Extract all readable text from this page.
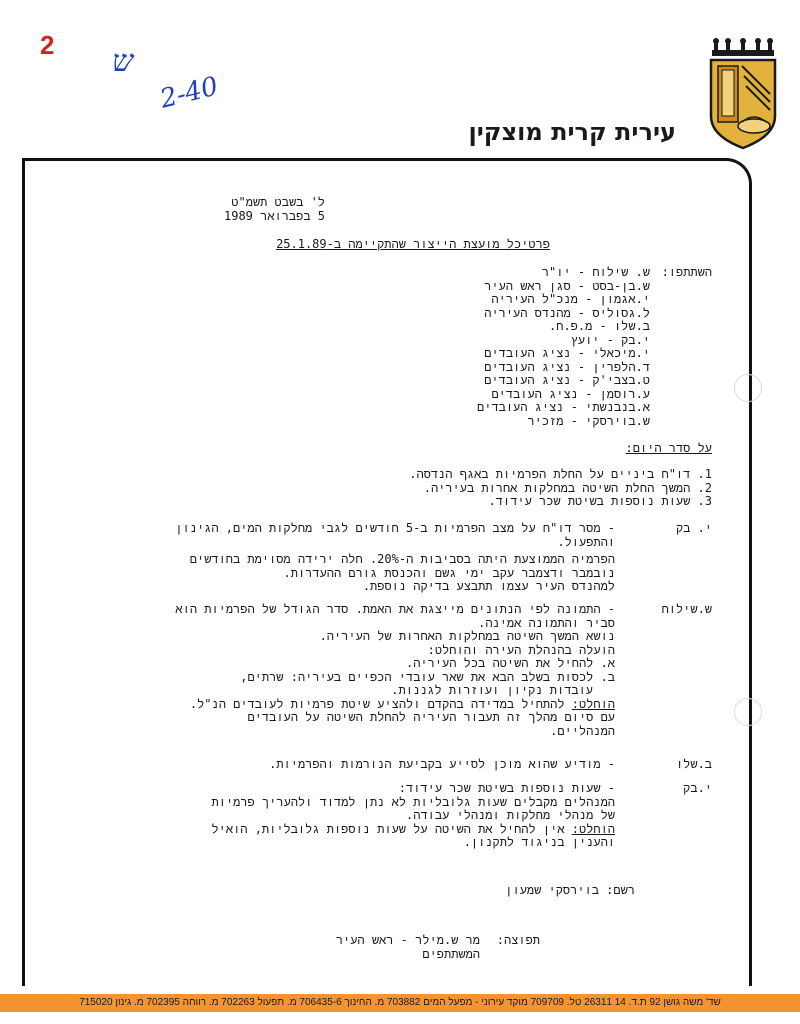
2 ש
2-40
עירית קרית מוצקין
ל' בשבט תשמ"ט
5 בפברואר 1989
פרטיכל מועצת הייצור שהתקיימה ב-25.1.89
השתתפו:
ש. שילוח - יו"ר
ש.בן-בסט - סגן ראש העיר
י.אגמון - מנכ"ל העיריה
ל.גסוליס - מהנדס העיריה
ב.שלו - מ.פ.ח.
י.בק - יועץ
י.מיכאלי - נציג העובדים
ד.הלפרין - נציג העובדים
ט.בצבי'ק - נציג העובדים
ע.רוסמן - נציג העובדים
א.בנבנשתי - נציג העובדים
ש.בוירסקי - מזכיר
על סדר היום:
1. דו"ח ביניים על החלת הפרמיות באגף הנדסה.
2. המשך החלת השיטה במחלקות אחרות בעיריה.
3. שעות נוספות בשיטת שכר עידוד.
י. בק
- מסר דו"ח על מצב הפרמיות ב-5 חודשים לגבי מחלקות המים, הגינון
והתפעול.
הפרמיה הממוצעת היתה בסביבות ה-20%. חלה ירידה מסוימת בחודשים
נובמבר ודצמבר עקב ימי גשם והכנסת גורם ההעדרות.
למהנדס העיר עצמו תתבצע בדיקה נוספת.
ש.שילוח
- התמונה לפי הנתונים מייצגת את האמת. סדר הגודל של הפרמיות הוא
סביר והתמונה אמינה.
נושא המשך השיטה במחלקות האחרות של העיריה.
הועלה בהנהלת העירה והוחלט:
א. להחיל את השיטה בכל העיריה.
ב. לכסות בשלב הבא את שאר עובדי הכפיים בעיריה: שרתים,
עובדות נקיון ועוזרות לגננות.
הוחלט: להתחיל במדידה בהקדם ולהציע שיטת פרמיות לעובדים הנ"ל.
עם סיום מהלך זה תעבור העיריה להחלת השיטה על העובדים
המנהליים.
ב.שלו
- מודיע שהוא מוכן לסייע בקביעת הנורמות והפרמיות.
י.בק
- שעות נוספות בשיטת שכר עידוד:
המנהלים מקבלים שעות גלובליות לא נתן למדוד ולהעריך פרמיות
של מנהלי מחלקות ומנהלי עבודה.
הוחלט: אין להחיל את השיטה על שעות נוספות גלובליות, הואיל
והענין בניגוד לתקנון.
רשם: בוירסקי שמעון
תפוצה:
מר ש.מילר - ראש העיר
המשתתפים
שד' משה גושן 92 ת.ד. 14 26311 טל. 709709 מוקד עירוני - מפעל המים 703882 מ. החינוך 706435-6 מ. תפעול 702263 מ. רווחה 702395 מ. גינון 715020
